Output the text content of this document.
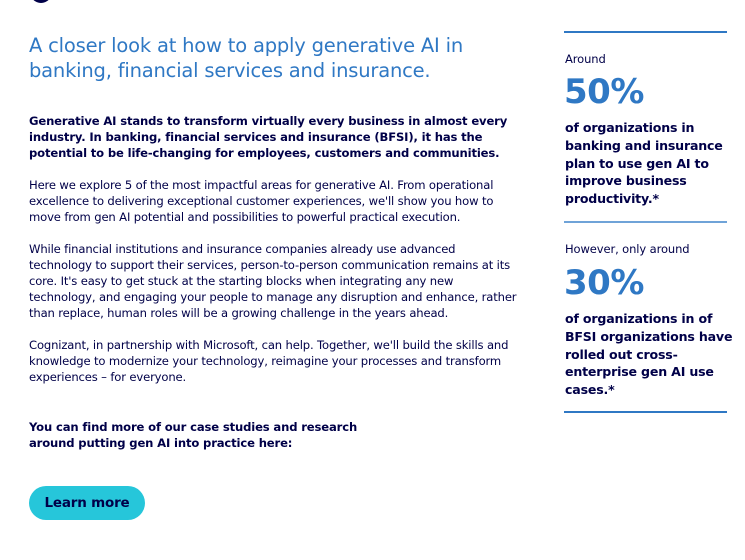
A closer look at how to apply generative AI in banking, financial services and insurance.

Generative AI stands to transform virtually every business in almost every industry. In banking, financial services and insurance (BFSI), it has the potential to be life-changing for employees, customers and communities.

Here we explore 5 of the most impactful areas for generative AI. From operational excellence to delivering exceptional customer experiences, we'll show you how to move from gen AI potential and possibilities to powerful practical execution.

While financial institutions and insurance companies already use advanced technology to support their services, person-to-person communication remains at its core. It's easy to get stuck at the starting blocks when integrating any new technology, and engaging your people to manage any disruption and enhance, rather than replace, human roles will be a growing challenge in the years ahead.

Cognizant, in partnership with Microsoft, can help. Together, we'll build the skills and knowledge to modernize your technology, reimagine your processes and transform experiences – for everyone.

You can find more of our case studies and research around putting gen AI into practice here:

Learn more

Around

50%

of organizations in banking and insurance plan to use gen AI to improve business productivity.*

However, only around

30%

of organizations in of BFSI organizations have rolled out cross-enterprise gen AI use cases.*
